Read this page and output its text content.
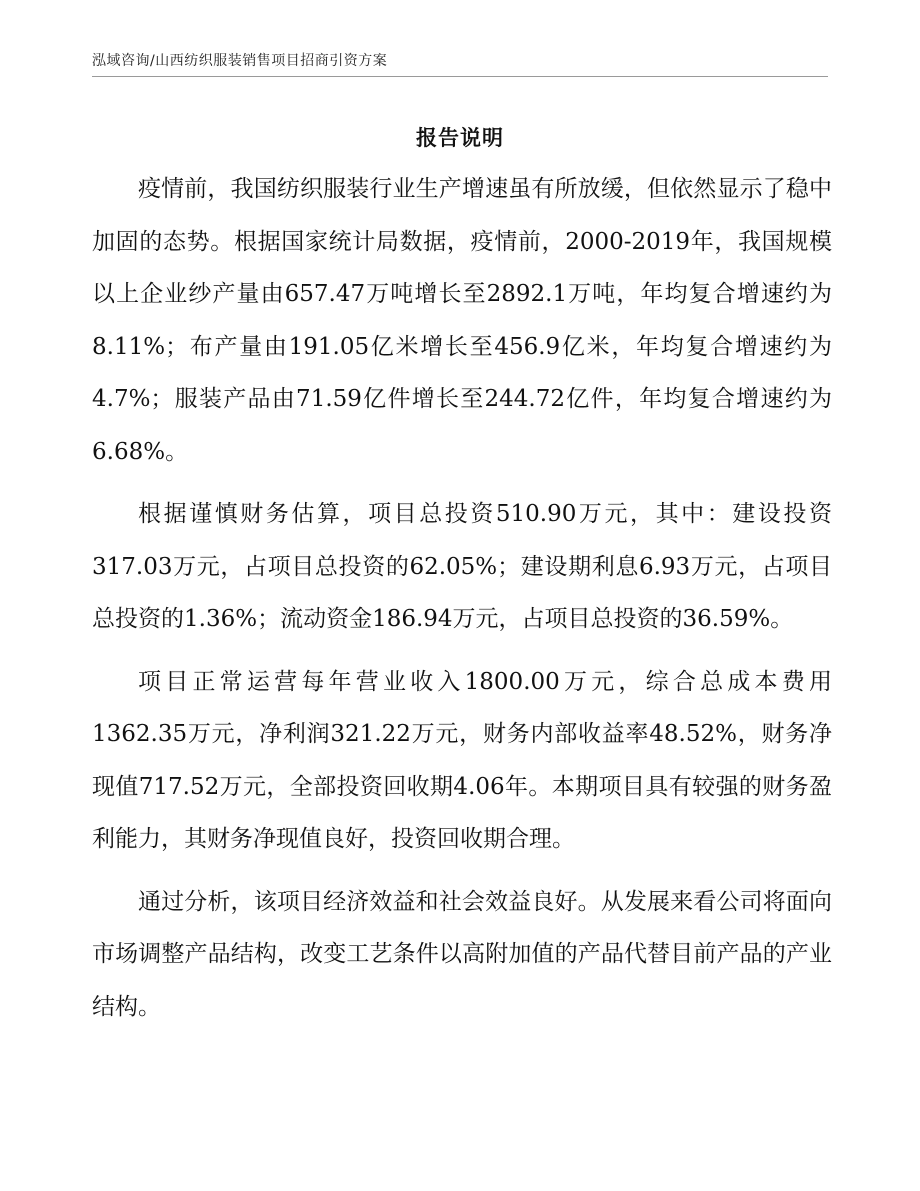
泓域咨询/山西纺织服装销售项目招商引资方案
报告说明

疫情前，我国纺织服装行业生产增速虽有所放缓，但依然显示了稳中加固的态势。根据国家统计局数据，疫情前，2000-2019年，我国规模以上企业纱产量由657.47万吨增长至2892.1万吨，年均复合增速约为8.11%；布产量由191.05亿米增长至456.9亿米，年均复合增速约为4.7%；服装产品由71.59亿件增长至244.72亿件，年均复合增速约为6.68%。

根据谨慎财务估算，项目总投资510.90万元，其中：建设投资317.03万元，占项目总投资的62.05%；建设期利息6.93万元，占项目总投资的1.36%；流动资金186.94万元，占项目总投资的36.59%。

项目正常运营每年营业收入1800.00万元，综合总成本费用1362.35万元，净利润321.22万元，财务内部收益率48.52%，财务净现值717.52万元，全部投资回收期4.06年。本期项目具有较强的财务盈利能力，其财务净现值良好，投资回收期合理。

通过分析，该项目经济效益和社会效益良好。从发展来看公司将面向市场调整产品结构，改变工艺条件以高附加值的产品代替目前产品的产业结构。
